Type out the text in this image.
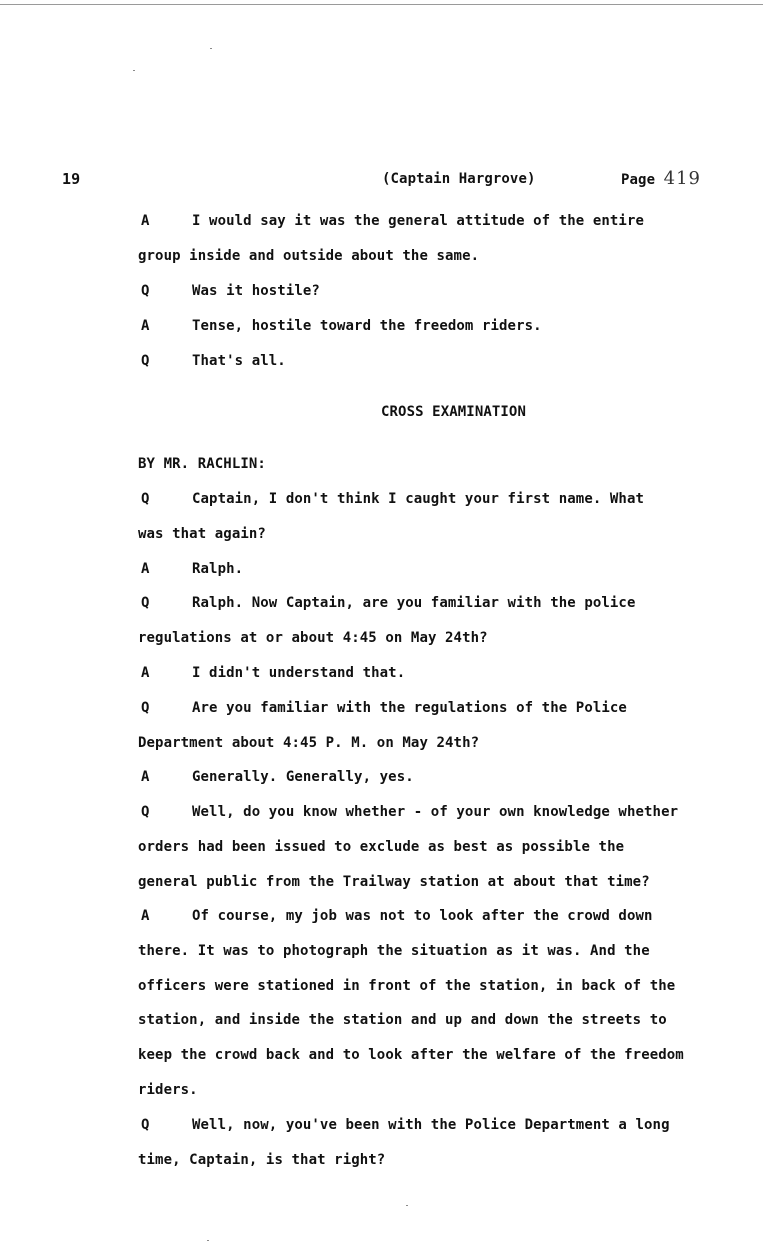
19	(Captain Hargrove)	Page 419
A	I would say it was the general attitude of the entire
group inside and outside about the same.
Q	Was it hostile?
A	Tense, hostile toward the freedom riders.
Q	That's all.
CROSS EXAMINATION
BY MR. RACHLIN:
Q	Captain, I don't think I caught your first name. What
was that again?
A	Ralph.
Q	Ralph. Now Captain, are you familiar with the police
regulations at or about 4:45 on May 24th?
A	I didn't understand that.
Q	Are you familiar with the regulations of the Police
Department about 4:45 P. M. on May 24th?
A	Generally. Generally, yes.
Q	Well, do you know whether - of your own knowledge whether
orders had been issued to exclude as best as possible the
general public from the Trailway station at about that time?
A	Of course, my job was not to look after the crowd down
there. It was to photograph the situation as it was. And the
officers were stationed in front of the station, in back of the
station, and inside the station and up and down the streets to
keep the crowd back and to look after the welfare of the freedom
riders.
Q	Well, now, you've been with the Police Department a long
time, Captain, is that right?
